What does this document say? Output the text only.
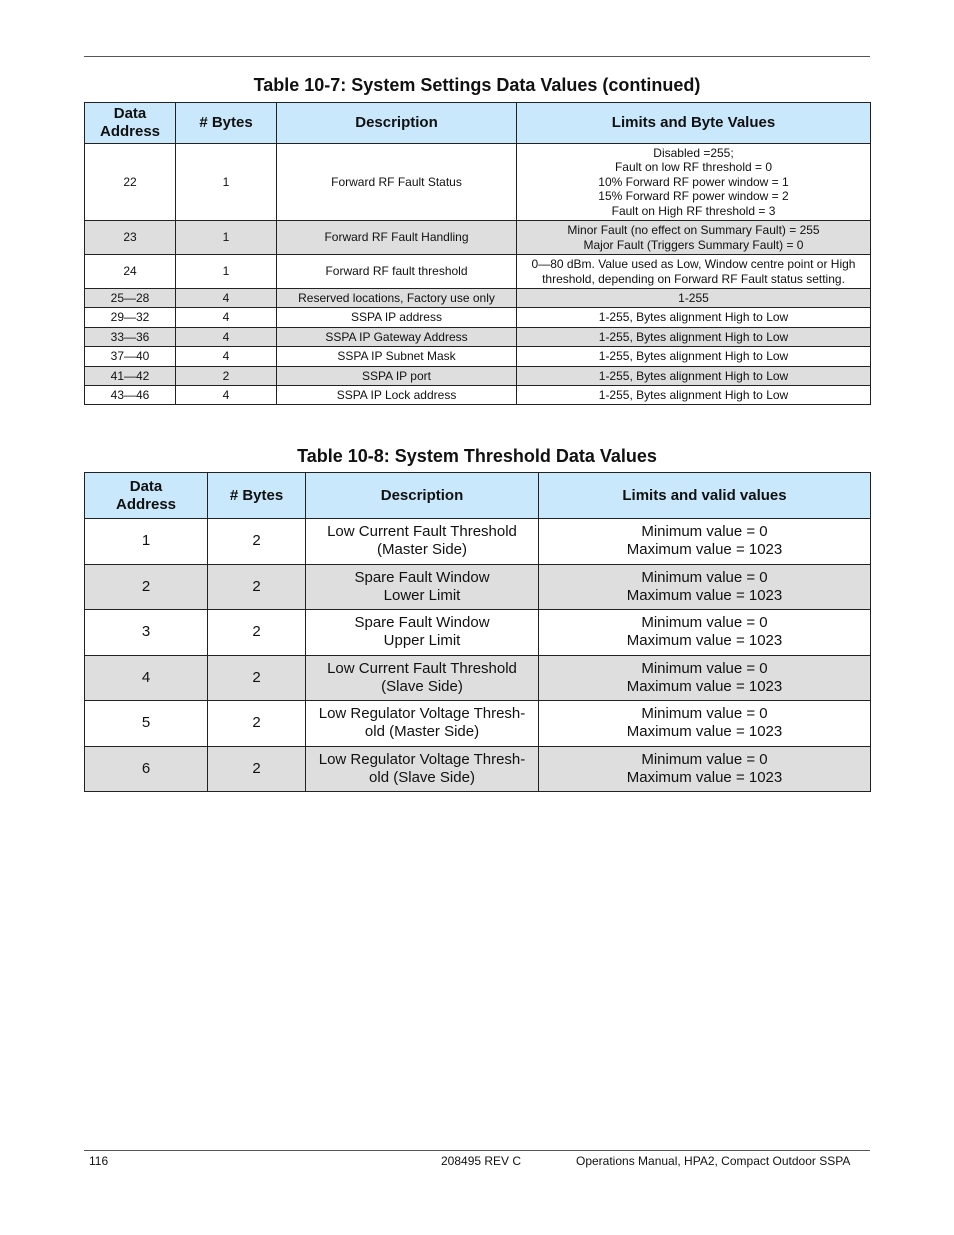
Table 10-7: System Settings Data Values (continued)
Data
Address	# Bytes	Description	Limits and Byte Values
22	1	Forward RF Fault Status	Disabled =255;
Fault on low RF threshold = 0
10% Forward RF power window = 1
15% Forward RF power window = 2
Fault on High RF threshold = 3

23	1	Forward RF Fault Handling	Minor Fault (no effect on Summary Fault) = 255
Major Fault (Triggers Summary Fault) = 0

24	1	Forward RF fault threshold	0—80 dBm. Value used as Low, Window centre point or High
threshold, depending on Forward RF Fault status setting.

25—28	4	Reserved locations, Factory use only	1-255
29—32	4	SSPA IP address	1-255, Bytes alignment High to Low
33—36	4	SSPA IP Gateway Address	1-255, Bytes alignment High to Low
37—40	4	SSPA IP Subnet Mask	1-255, Bytes alignment High to Low
41—42	2	SSPA IP port	1-255, Bytes alignment High to Low
43—46	4	SSPA IP Lock address	1-255, Bytes alignment High to Low
Table 10-8: System Threshold Data Values
Data
Address	# Bytes	Description	Limits and valid values
1	2	Low Current Fault Threshold
(Master Side)	Minimum value = 0
Maximum value = 1023

2	2	Spare Fault Window
Lower Limit	Minimum value = 0
Maximum value = 1023

3	2	Spare Fault Window
Upper Limit	Minimum value = 0
Maximum value = 1023

4	2	Low Current Fault Threshold
(Slave Side)	Minimum value = 0
Maximum value = 1023

5	2	Low Regulator Voltage Thresh-
old (Master Side)	Minimum value = 0
Maximum value = 1023

6	2	Low Regulator Voltage Thresh-
old (Slave Side)	Minimum value = 0
Maximum value = 1023
116	208495 REV C	Operations Manual, HPA2, Compact Outdoor SSPA
